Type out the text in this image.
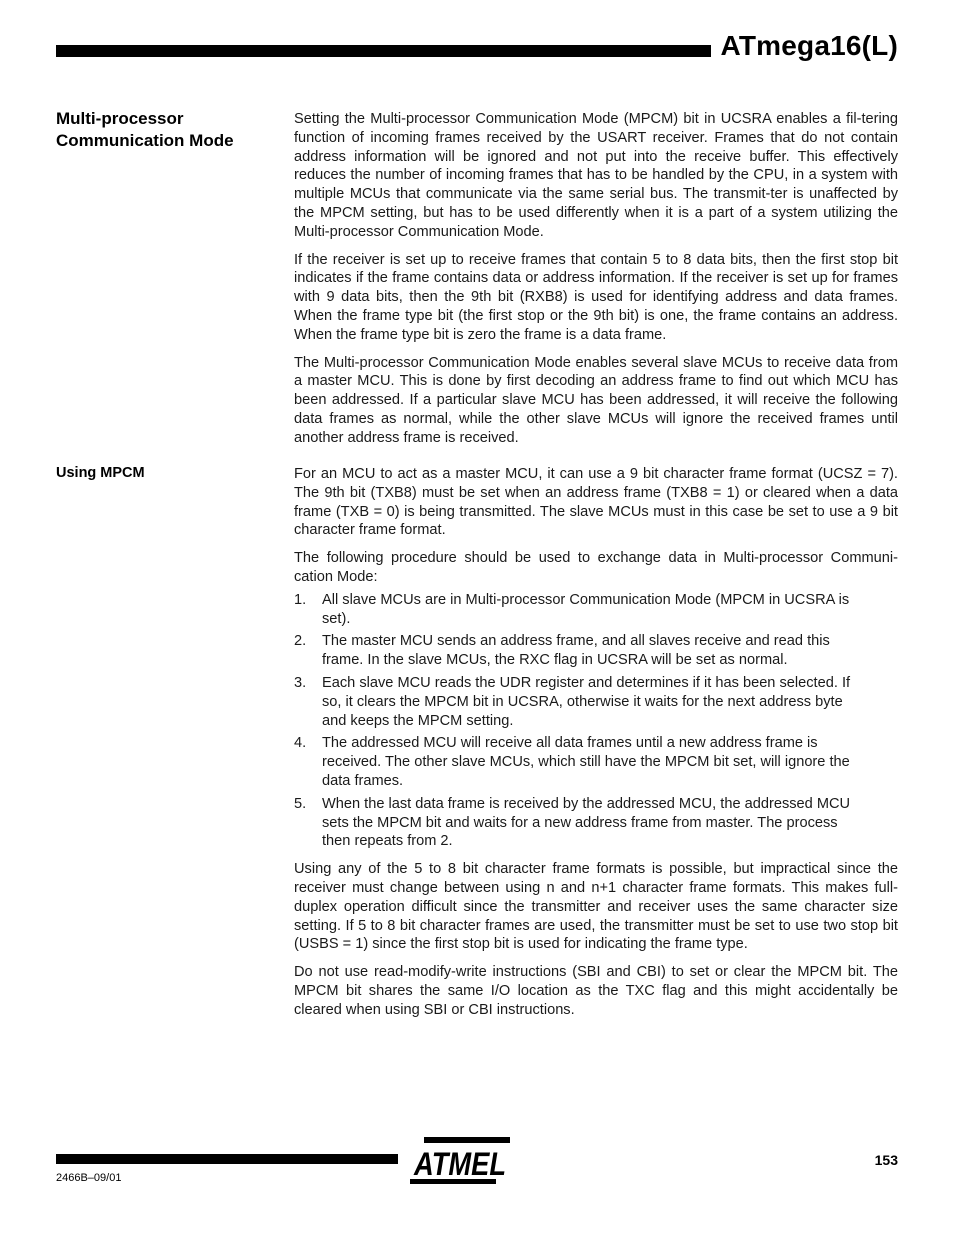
ATmega16(L)
Multi-processor Communication Mode

Setting the Multi-processor Communication Mode (MPCM) bit in UCSRA enables a fil-tering function of incoming frames received by the USART receiver. Frames that do not contain address information will be ignored and not put into the receive buffer. This effectively reduces the number of incoming frames that has to be handled by the CPU, in a system with multiple MCUs that communicate via the same serial bus. The transmit-ter is unaffected by the MPCM setting, but has to be used differently when it is a part of a system utilizing the Multi-processor Communication Mode.

If the receiver is set up to receive frames that contain 5 to 8 data bits, then the first stop bit indicates if the frame contains data or address information. If the receiver is set up for frames with 9 data bits, then the 9th bit (RXB8) is used for identifying address and data frames. When the frame type bit (the first stop or the 9th bit) is one, the frame contains an address. When the frame type bit is zero the frame is a data frame.

The Multi-processor Communication Mode enables several slave MCUs to receive data from a master MCU. This is done by first decoding an address frame to find out which MCU has been addressed. If a particular slave MCU has been addressed, it will receive the following data frames as normal, while the other slave MCUs will ignore the received frames until another address frame is received.

Using MPCM	For an MCU to act as a master MCU, it can use a 9 bit character frame format (UCSZ = 7). The 9th bit (TXB8) must be set when an address frame (TXB8 = 1) or cleared when a data frame (TXB = 0) is being transmitted. The slave MCUs must in this case be set to use a 9 bit character frame format.

The following procedure should be used to exchange data in Multi-processor Communi-cation Mode:

1. All slave MCUs are in Multi-processor Communication Mode (MPCM in UCSRA is set).
2. The master MCU sends an address frame, and all slaves receive and read this frame. In the slave MCUs, the RXC flag in UCSRA will be set as normal.
3. Each slave MCU reads the UDR register and determines if it has been selected. If so, it clears the MPCM bit in UCSRA, otherwise it waits for the next address byte and keeps the MPCM setting.
4. The addressed MCU will receive all data frames until a new address frame is received. The other slave MCUs, which still have the MPCM bit set, will ignore the data frames.
5. When the last data frame is received by the addressed MCU, the addressed MCU sets the MPCM bit and waits for a new address frame from master. The process then repeats from 2.

Using any of the 5 to 8 bit character frame formats is possible, but impractical since the receiver must change between using n and n+1 character frame formats. This makes full-duplex operation difficult since the transmitter and receiver uses the same character size setting. If 5 to 8 bit character frames are used, the transmitter must be set to use two stop bit (USBS = 1) since the first stop bit is used for indicating the frame type.

Do not use read-modify-write instructions (SBI and CBI) to set or clear the MPCM bit. The MPCM bit shares the same I/O location as the TXC flag and this might accidentally be cleared when using SBI or CBI instructions.

2466B–09/01
153
ATMEL
